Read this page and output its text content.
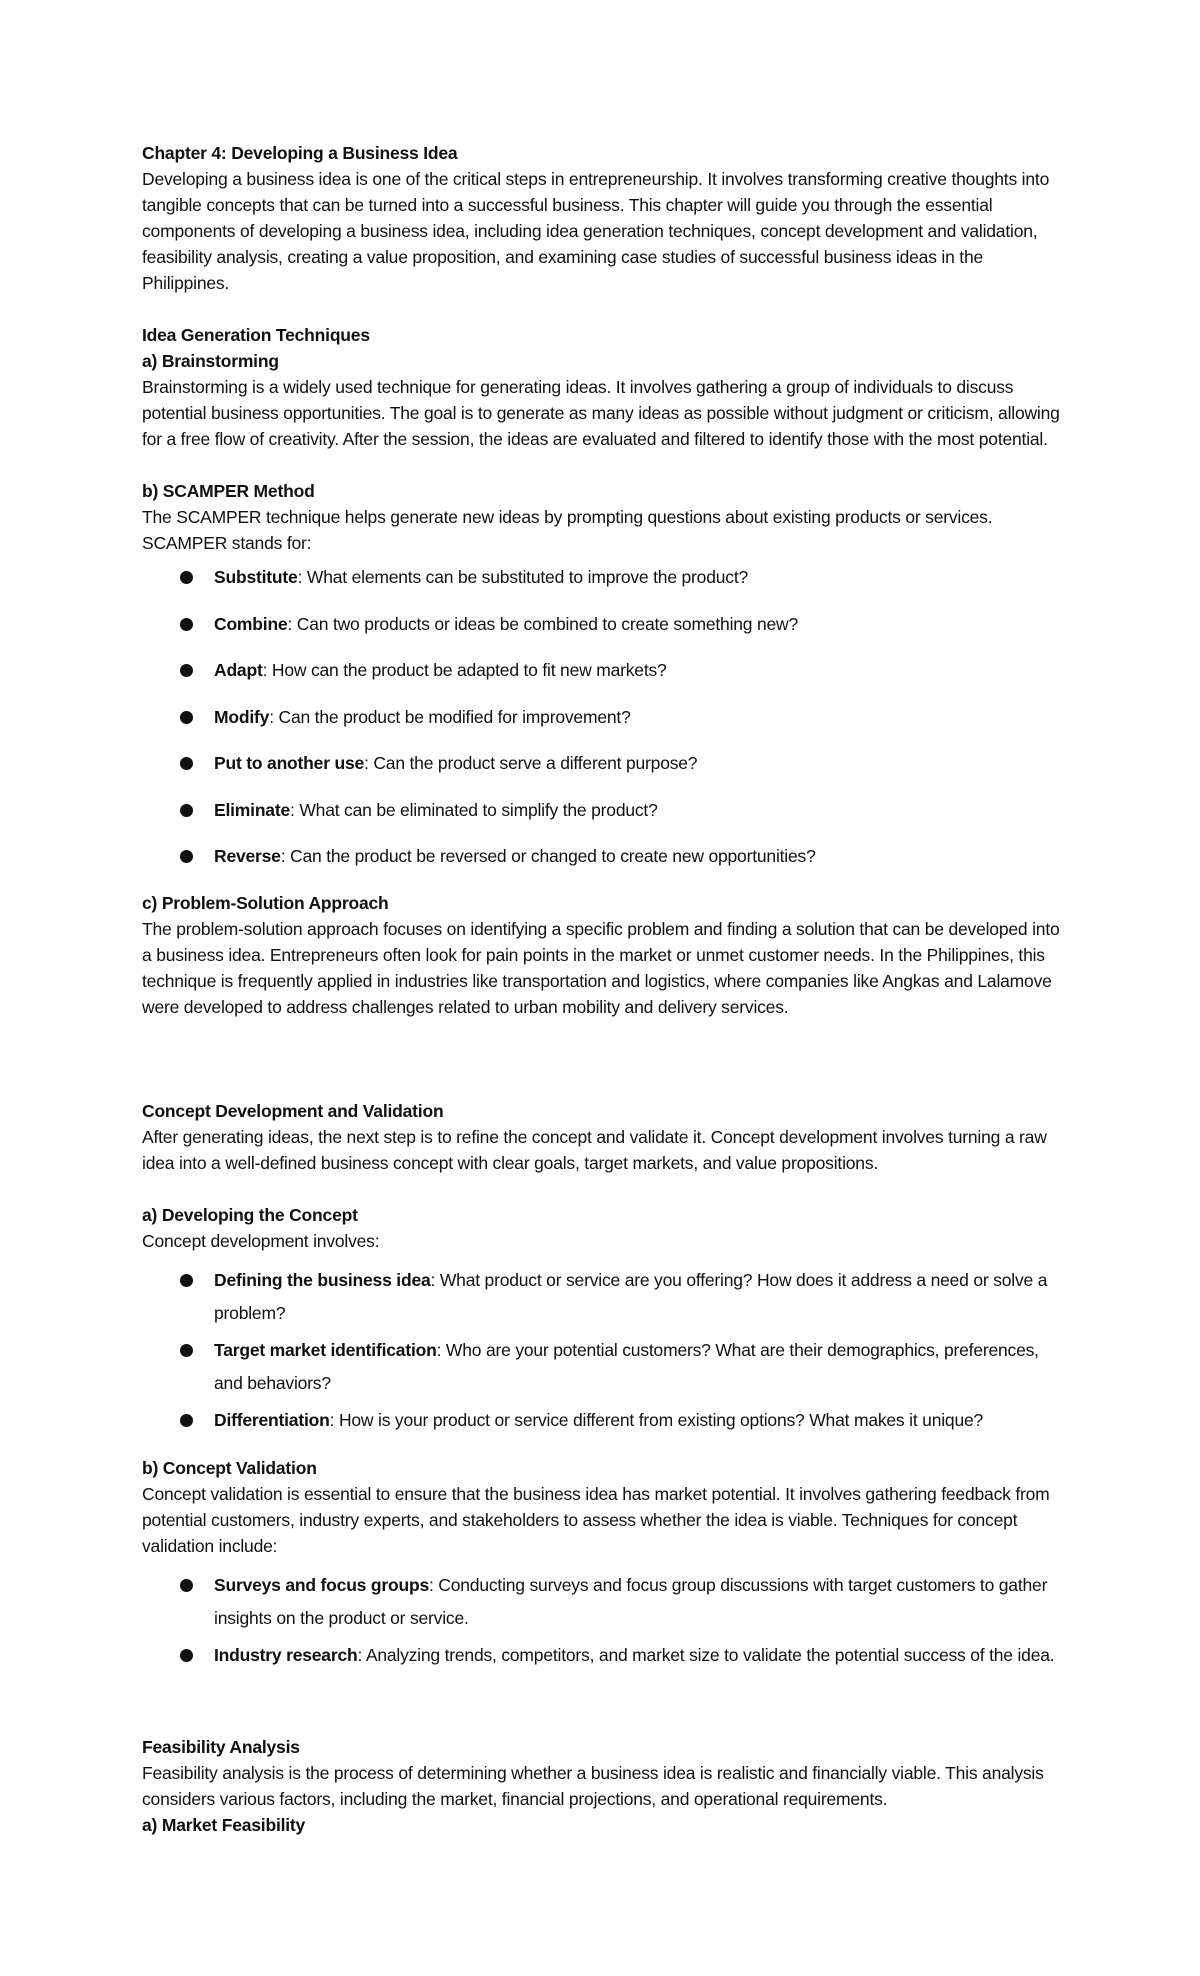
Chapter 4: Developing a Business Idea

Developing a business idea is one of the critical steps in entrepreneurship. It involves transforming creative thoughts into tangible concepts that can be turned into a successful business. This chapter will guide you through the essential components of developing a business idea, including idea generation techniques, concept development and validation, feasibility analysis, creating a value proposition, and examining case studies of successful business ideas in the Philippines.

Idea Generation Techniques

a) Brainstorming

Brainstorming is a widely used technique for generating ideas. It involves gathering a group of individuals to discuss potential business opportunities. The goal is to generate as many ideas as possible without judgment or criticism, allowing for a free flow of creativity. After the session, the ideas are evaluated and filtered to identify those with the most potential.

b) SCAMPER Method

The SCAMPER technique helps generate new ideas by prompting questions about existing products or services. SCAMPER stands for:

Substitute: What elements can be substituted to improve the product?
Combine: Can two products or ideas be combined to create something new?
Adapt: How can the product be adapted to fit new markets?
Modify: Can the product be modified for improvement?
Put to another use: Can the product serve a different purpose?
Eliminate: What can be eliminated to simplify the product?
Reverse: Can the product be reversed or changed to create new opportunities?

c) Problem-Solution Approach

The problem-solution approach focuses on identifying a specific problem and finding a solution that can be developed into a business idea. Entrepreneurs often look for pain points in the market or unmet customer needs. In the Philippines, this technique is frequently applied in industries like transportation and logistics, where companies like Angkas and Lalamove were developed to address challenges related to urban mobility and delivery services.

Concept Development and Validation

After generating ideas, the next step is to refine the concept and validate it. Concept development involves turning a raw idea into a well-defined business concept with clear goals, target markets, and value propositions.

a) Developing the Concept

Concept development involves:

Defining the business idea: What product or service are you offering? How does it address a need or solve a problem?
Target market identification: Who are your potential customers? What are their demographics, preferences, and behaviors?
Differentiation: How is your product or service different from existing options? What makes it unique?

b) Concept Validation

Concept validation is essential to ensure that the business idea has market potential. It involves gathering feedback from potential customers, industry experts, and stakeholders to assess whether the idea is viable. Techniques for concept validation include:

Surveys and focus groups: Conducting surveys and focus group discussions with target customers to gather insights on the product or service.
Industry research: Analyzing trends, competitors, and market size to validate the potential success of the idea.

Feasibility Analysis

Feasibility analysis is the process of determining whether a business idea is realistic and financially viable. This analysis considers various factors, including the market, financial projections, and operational requirements.

a) Market Feasibility
